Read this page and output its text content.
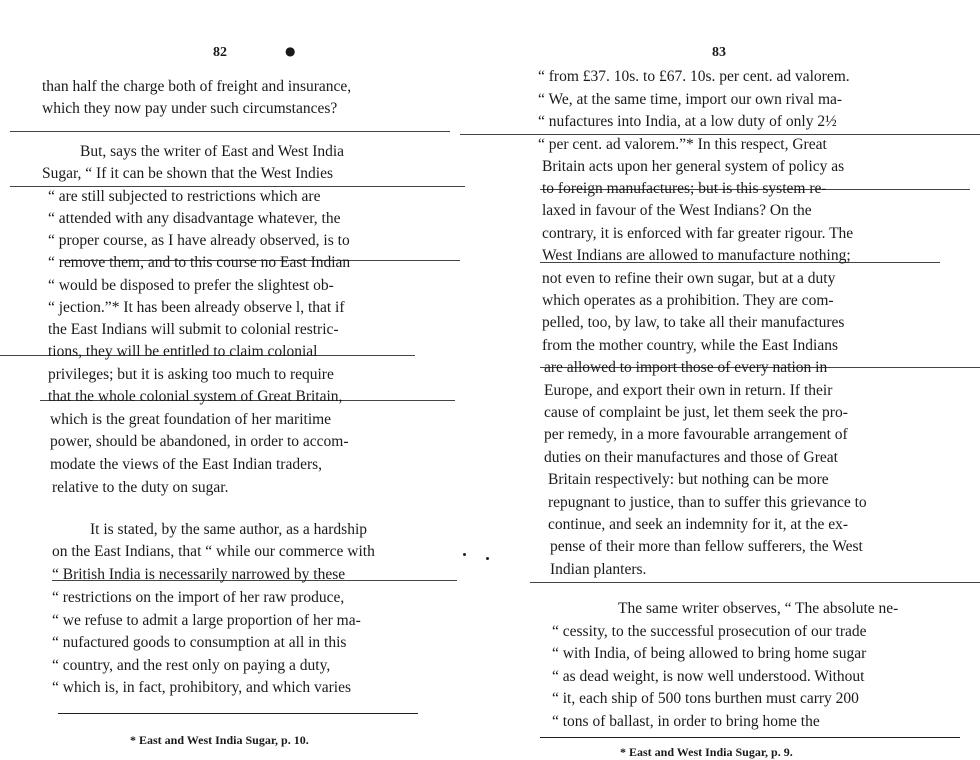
82	●
than half the charge both of freight and insurance,
which they now pay under such circumstances?
But, says the writer of East and West India
Sugar, “ If it can be shown that the West Indies
“ are still subjected to restrictions which are
“ attended with any disadvantage whatever, the
“ proper course, as I have already observed, is to
“ remove them, and to this course no East Indian
“ would be disposed to prefer the slightest ob-
“ jection.”* It has been already observe l, that if
the East Indians will submit to colonial restric-
tions, they will be entitled to claim colonial
privileges; but it is asking too much to require
that the whole colonial system of Great Britain,
which is the great foundation of her maritime
power, should be abandoned, in order to accom-
modate the views of the East Indian traders,
relative to the duty on sugar.
It is stated, by the same author, as a hardship
on the East Indians, that “ while our commerce with
“ British India is necessarily narrowed by these
“ restrictions on the import of her raw produce,
“ we refuse to admit a large proportion of her ma-
“ nufactured goods to consumption at all in this
“ country, and the rest only on paying a duty,
“ which is, in fact, prohibitory, and which varies
* East and West India Sugar, p. 10.
83
“ from £37. 10s. to £67. 10s. per cent. ad valorem.
“ We, at the same time, import our own rival ma-
“ nufactures into India, at a low duty of only 2½
“ per cent. ad valorem.”* In this respect, Great
Britain acts upon her general system of policy as
to foreign manufactures; but is this system re-
laxed in favour of the West Indians? On the
contrary, it is enforced with far greater rigour. The
West Indians are allowed to manufacture nothing;
not even to refine their own sugar, but at a duty
which operates as a prohibition. They are com-
pelled, too, by law, to take all their manufactures
from the mother country, while the East Indians
are allowed to import those of every nation in
Europe, and export their own in return. If their
cause of complaint be just, let them seek the pro-
per remedy, in a more favourable arrangement of
duties on their manufactures and those of Great
Britain respectively: but nothing can be more
repugnant to justice, than to suffer this grievance to
continue, and seek an indemnity for it, at the ex-
pense of their more than fellow sufferers, the West
Indian planters.
The same writer observes, “ The absolute ne-
“ cessity, to the successful prosecution of our trade
“ with India, of being allowed to bring home sugar
“ as dead weight, is now well understood. Without
“ it, each ship of 500 tons burthen must carry 200
“ tons of ballast, in order to bring home the
* East and West India Sugar, p. 9.
